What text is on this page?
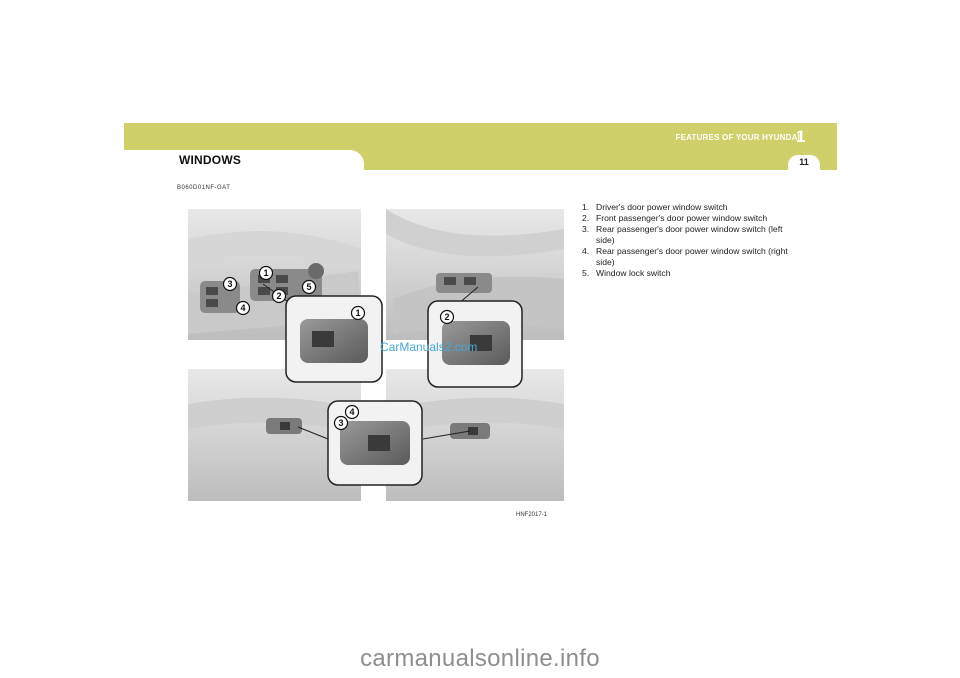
WINDOWS
FEATURES OF YOUR HYUNDAI
1
11
B060D01NF-GAT
1
2
5
3
4	1	2
3
4
CarManuals2.com
HNF2017-1
1. Driver's door power window switch
2. Front passenger's door power window switch
3. Rear passenger's door power window switch (left side)
4. Rear passenger's door power window switch (right side)
5. Window lock switch
carmanualsonline.info
